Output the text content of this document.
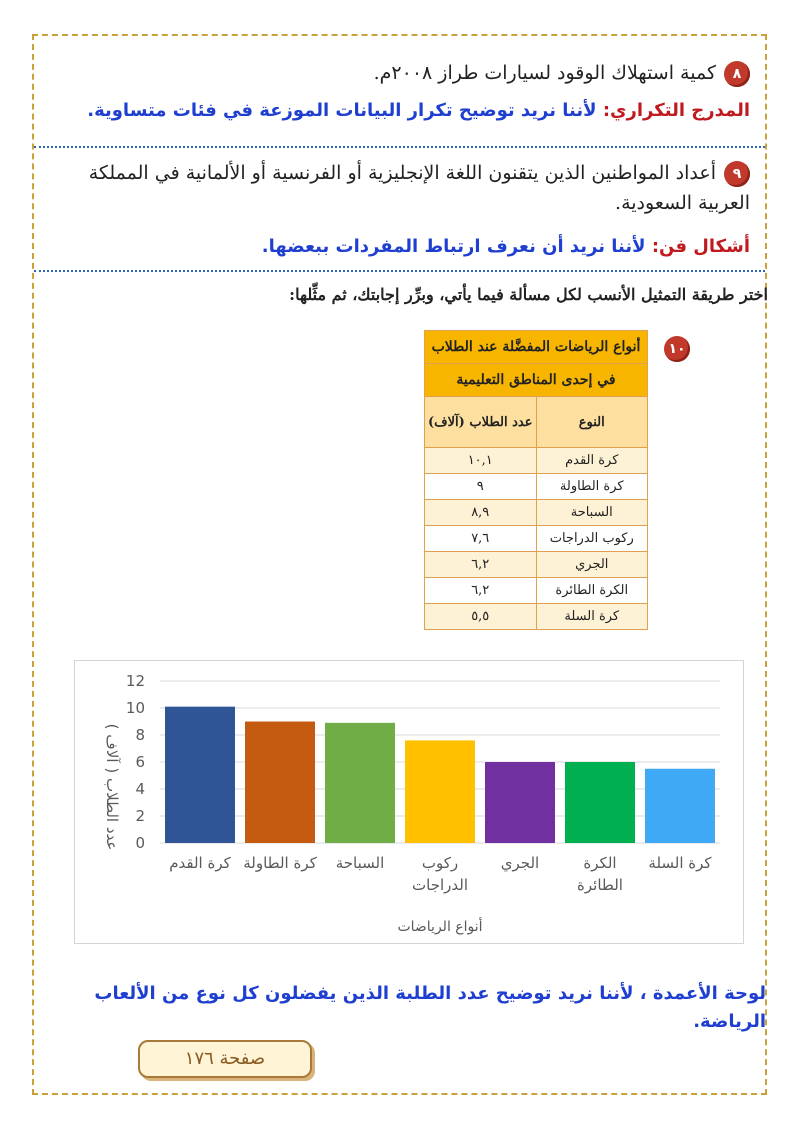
٨كمية استهلاك الوقود لسيارات طراز ٢٠٠٨م.
المدرج التكراري: لأننا نريد توضيح تكرار البيانات الموزعة في فئات متساوية.
٩أعداد المواطنين الذين يتقنون اللغة الإنجليزية أو الفرنسية أو الألمانية في المملكة العربية السعودية.
أشكال فن: لأننا نريد أن نعرف ارتباط المفردات ببعضها.
اختر طريقة التمثيل الأنسب لكل مسألة فيما يأتي، وبرِّر إجابتك، ثم مثِّلها:
١٠
أنواع الرياضات المفضَّلة عند الطلاب	
في إحدى المناطق التعليمية	
النوع	عدد الطلاب (آلاف)
كرة القدم	١٠,١
كرة الطاولة	٩
السباحة	٨,٩
ركوب الدراجات	٧,٦
الجري	٦,٢
الكرة الطائرة	٦,٢
كرة السلة	٥,٥
0
2
4
6
8
10
12
كرة القدم كرة الطاولة السباحة	ركوب
الدراجات
الجري	الكرة
الطائرة
كرة السلة
أنواع الرياضات
عدد الطلاب ( آلاف )
لوحة الأعمدة ، لأننا نريد توضيح عدد الطلبة الذين يفضلون كل نوع من الألعاب الرياضة.
صفحة ١٧٦
